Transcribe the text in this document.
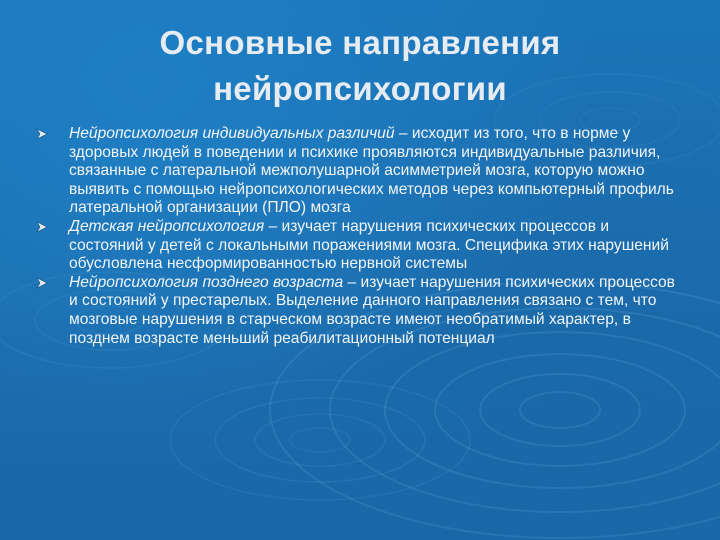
Основные направления
нейропсихологии
Нейропсихология индивидуальных различий – исходит из того, что в норме у здоровых людей в поведении и психике проявляются индивидуальные различия, связанные с латеральной межполушарной асимметрией мозга, которую можно выявить с помощью нейропсихологических методов через компьютерный профиль латеральной организации (ПЛО) мозга
Детская нейропсихология – изучает нарушения психических процессов и состояний у детей с локальными поражениями мозга. Специфика этих нарушений обусловлена несформированностью нервной системы
Нейропсихология позднего возраста – изучает нарушения психических процессов и состояний у престарелых. Выделение данного направления связано с тем, что мозговые нарушения в старческом возрасте имеют необратимый характер, в позднем возрасте меньший реабилитационный потенциал
